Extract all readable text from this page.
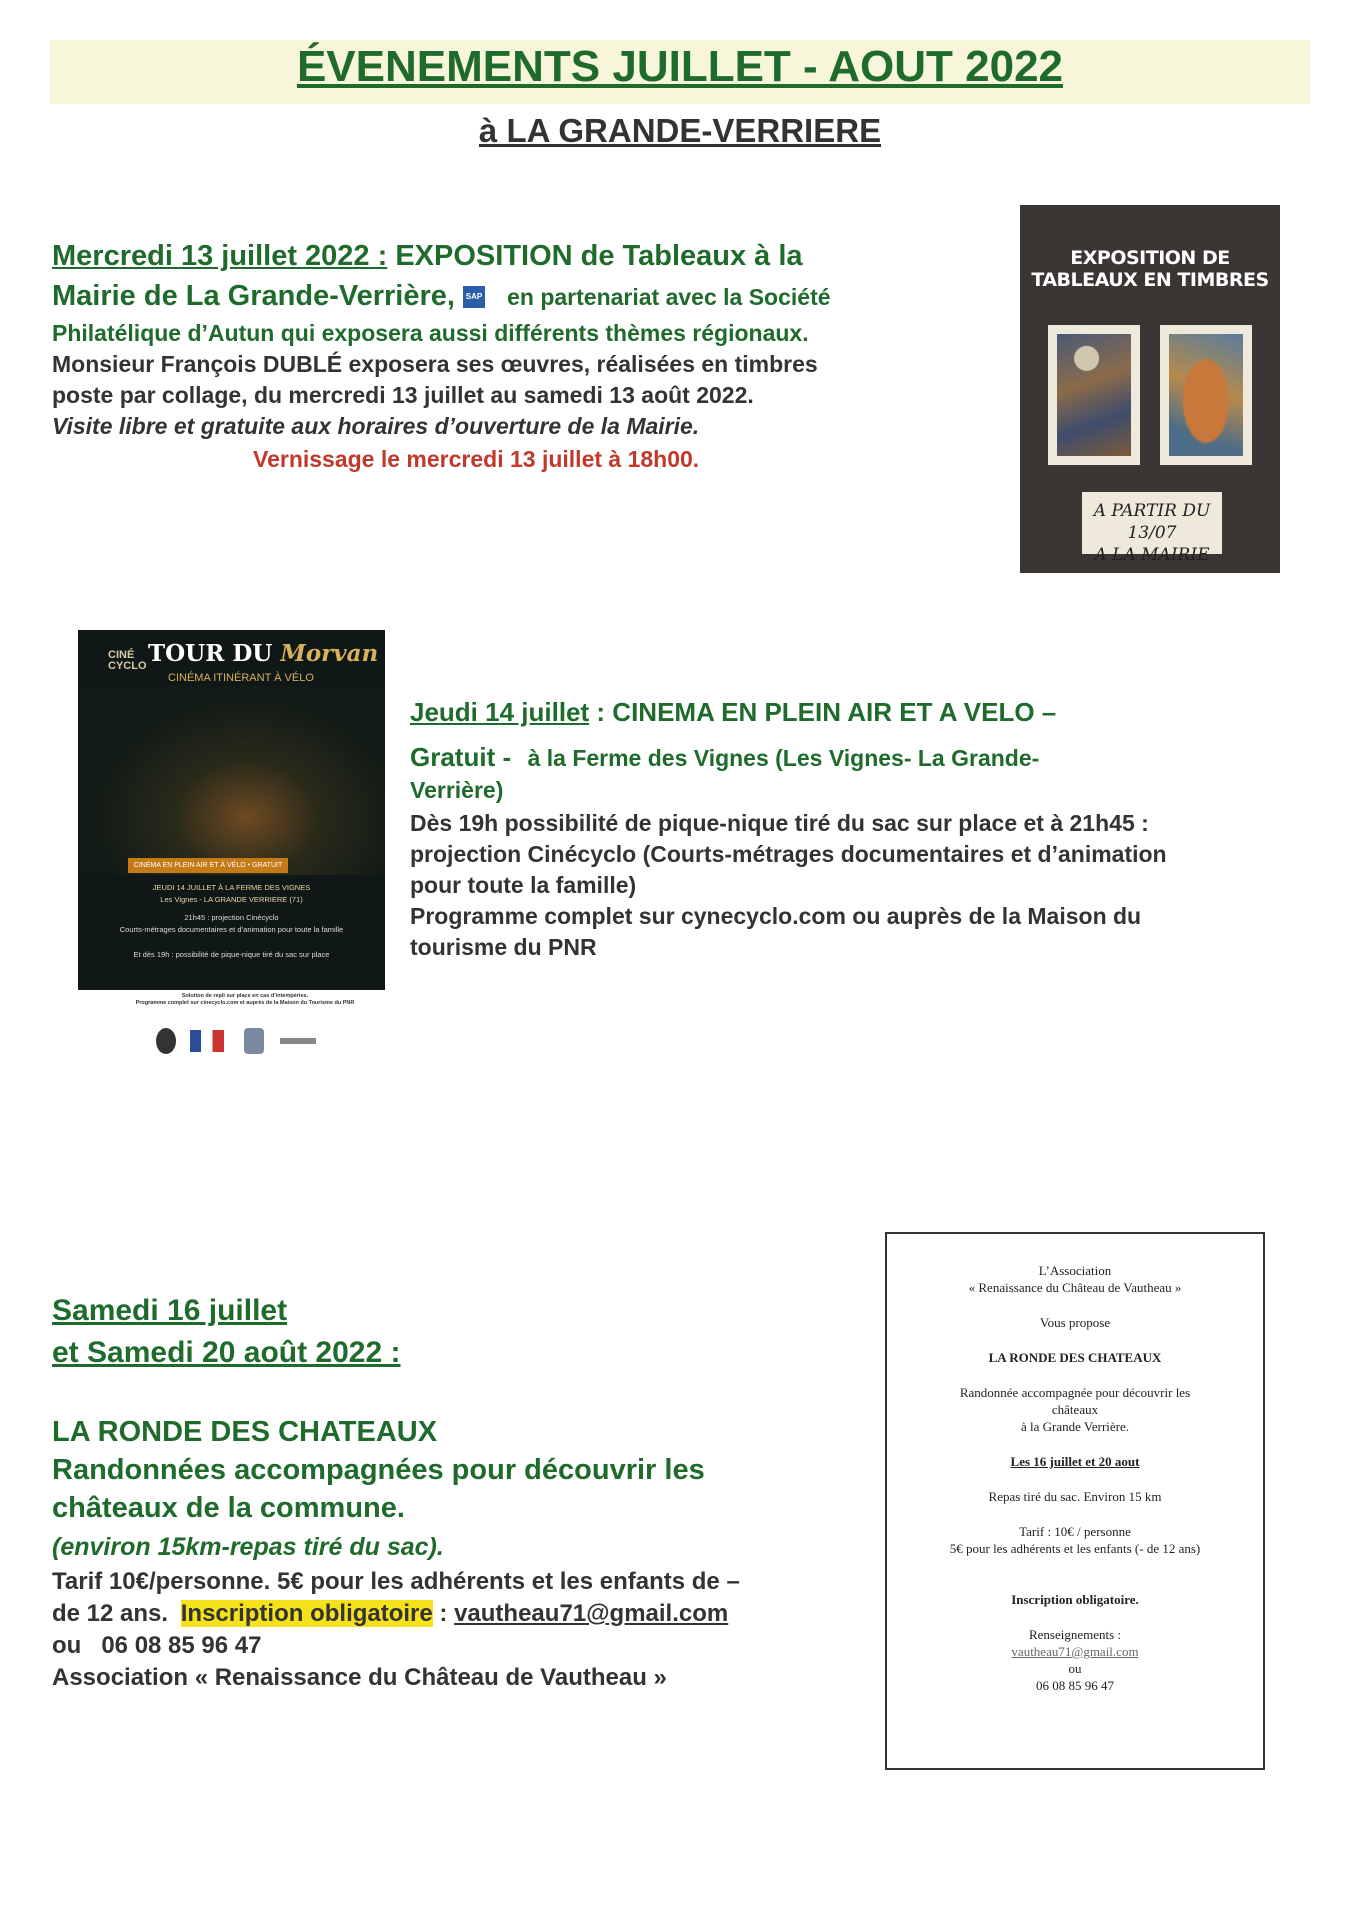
ÉVENEMENTS JUILLET - AOUT 2022
à LA GRANDE-VERRIERE
Mercredi 13 juillet 2022 : EXPOSITION de Tableaux à la
Mairie de La Grande-Verrière, SAP en partenariat avec la Société
Philatélique d’Autun qui exposera aussi différents thèmes régionaux.
Monsieur François DUBLÉ exposera ses œuvres, réalisées en timbres
poste par collage, du mercredi 13 juillet au samedi 13 août 2022.
Visite libre et gratuite aux horaires d’ouverture de la Mairie.
Vernissage le mercredi 13 juillet à 18h00.
EXPOSITION DE
TABLEAUX EN TIMBRES
A PARTIR DU 13/07
A LA MAIRIE
CINÉ CYCLO TOUR DU Morvan
CINÉMA ITINÉRANT À VÉLO
CINÉMA EN PLEIN AIR ET À VÉLO • GRATUIT
JEUDI 14 JUILLET À LA FERME DES VIGNES
Les Vignes - LA GRANDE VERRIERE (71)
21h45 : projection Cinécyclo
Courts-métrages documentaires et d’animation pour toute la famille
Et dès 19h : possibilité de pique-nique tiré du sac sur place
Solution de repli sur place en cas d’intempéries.
Programme complet sur cinecyclo.com et auprès de la Maison du Tourisme du PNR
Jeudi 14 juillet : CINEMA EN PLEIN AIR ET A VELO –
Gratuit - à la Ferme des Vignes (Les Vignes- La Grande-
Verrière)
Dès 19h possibilité de pique-nique tiré du sac sur place et à 21h45 :
projection Cinécyclo (Courts-métrages documentaires et d’animation
pour toute la famille)
Programme complet sur cynecyclo.com ou auprès de la Maison du
tourisme du PNR
Samedi 16 juillet
et Samedi 20 août 2022 :
LA RONDE DES CHATEAUX
Randonnées accompagnées pour découvrir les
châteaux de la commune.
(environ 15km-repas tiré du sac).
Tarif 10€/personne. 5€ pour les adhérents et les enfants de –
de 12 ans. Inscription obligatoire : vautheau71@gmail.com
ou   06 08 85 96 47
Association « Renaissance du Château de Vautheau »

L’Association

« Renaissance du Château de Vautheau »

Vous propose

LA RONDE DES CHATEAUX

Randonnée accompagnée pour découvrir les

châteaux

à la Grande Verrière.

Les 16 juillet et 20 aout

Repas tiré du sac. Environ 15 km

Tarif : 10€ / personne

5€ pour les adhérents et les enfants (- de 12 ans)

Inscription obligatoire.

Renseignements :

vautheau71@gmail.com

ou

06 08 85 96 47
